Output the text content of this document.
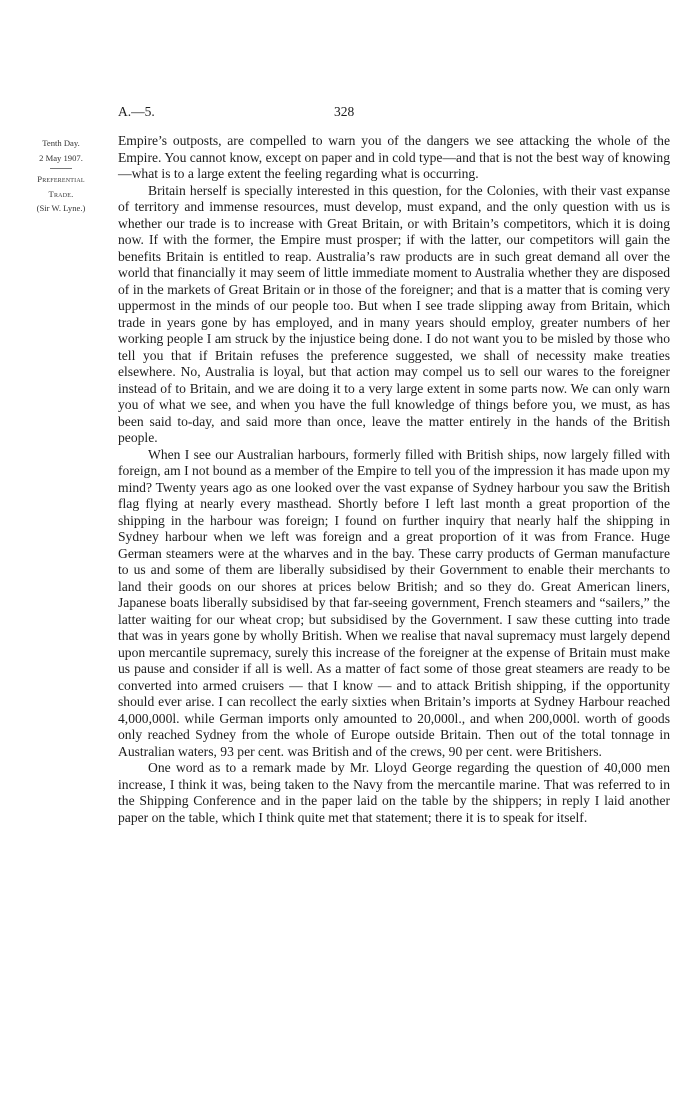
A.—5.	328
Tenth Day.
2 May 1907.
Preferential
Trade.
(Sir W. Lyne.)

Empire’s outposts, are compelled to warn you of the dangers we see attacking the whole of the Empire. You cannot know, except on paper and in cold type—and that is not the best way of knowing—what is to a large extent the feeling regarding what is occurring.

Britain herself is specially interested in this question, for the Colonies, with their vast expanse of territory and immense resources, must develop, must expand, and the only question with us is whether our trade is to increase with Great Britain, or with Britain’s competitors, which it is doing now. If with the former, the Empire must prosper; if with the latter, our competitors will gain the benefits Britain is entitled to reap. Australia’s raw products are in such great demand all over the world that financially it may seem of little immediate moment to Australia whether they are disposed of in the markets of Great Britain or in those of the foreigner; and that is a matter that is coming very uppermost in the minds of our people too. But when I see trade slipping away from Britain, which trade in years gone by has employed, and in many years should employ, greater numbers of her working people I am struck by the injustice being done. I do not want you to be misled by those who tell you that if Britain refuses the preference suggested, we shall of necessity make treaties elsewhere. No, Australia is loyal, but that action may compel us to sell our wares to the foreigner instead of to Britain, and we are doing it to a very large extent in some parts now. We can only warn you of what we see, and when you have the full knowledge of things before you, we must, as has been said to-day, and said more than once, leave the matter entirely in the hands of the British people.

When I see our Australian harbours, formerly filled with British ships, now largely filled with foreign, am I not bound as a member of the Empire to tell you of the impression it has made upon my mind? Twenty years ago as one looked over the vast expanse of Sydney harbour you saw the British flag flying at nearly every masthead. Shortly before I left last month a great proportion of the shipping in the harbour was foreign; I found on further inquiry that nearly half the shipping in Sydney harbour when we left was foreign and a great proportion of it was from France. Huge German steamers were at the wharves and in the bay. These carry products of German manufacture to us and some of them are liberally subsidised by their Government to enable their merchants to land their goods on our shores at prices below British; and so they do. Great American liners, Japanese boats liberally subsidised by that far-seeing government, French steamers and “sailers,” the latter waiting for our wheat crop; but subsidised by the Government. I saw these cutting into trade that was in years gone by wholly British. When we realise that naval supremacy must largely depend upon mercantile supremacy, surely this increase of the foreigner at the expense of Britain must make us pause and consider if all is well. As a matter of fact some of those great steamers are ready to be converted into armed cruisers — that I know — and to attack British shipping, if the opportunity should ever arise. I can recollect the early sixties when Britain’s imports at Sydney Harbour reached 4,000,000l. while German imports only amounted to 20,000l., and when 200,000l. worth of goods only reached Sydney from the whole of Europe outside Britain. Then out of the total tonnage in Australian waters, 93 per cent. was British and of the crews, 90 per cent. were Britishers.

One word as to a remark made by Mr. Lloyd George regarding the question of 40,000 men increase, I think it was, being taken to the Navy from the mercantile marine. That was referred to in the Shipping Conference and in the paper laid on the table by the shippers; in reply I laid another paper on the table, which I think quite met that statement; there it is to speak for itself.
